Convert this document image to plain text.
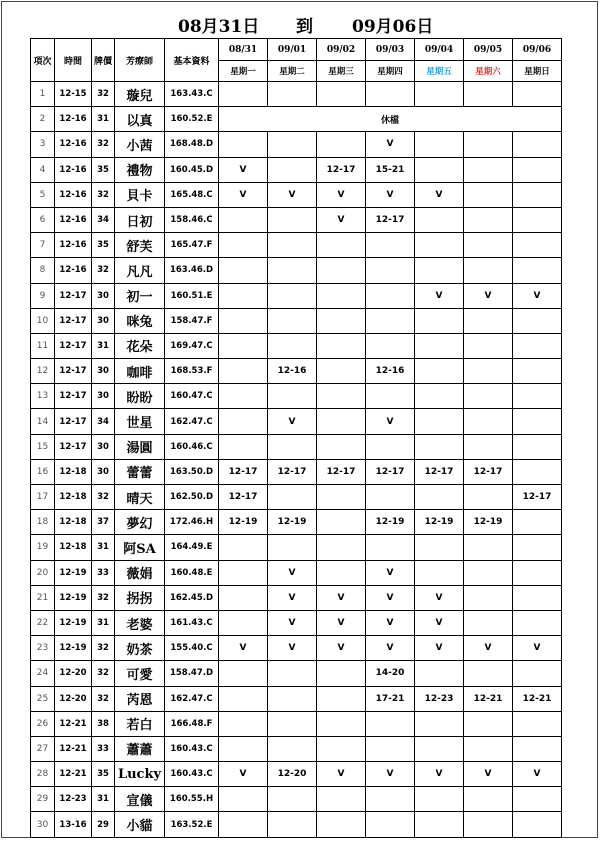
08月31日 到 09月06日
項次	時間	牌價	芳療師	基本資料	08/31	09/01	09/02	09/03	09/04	09/05	09/06
					星期一	星期二	星期三	星期四	星期五	星期六	星期日
1	12-15	32	璇兒	163.43.C							
2	12-16	31	以真	160.52.E	休檔						
3	12-16	32	小茜	168.48.D				V			
4	12-16	35	禮物	160.45.D	V		12-17	15-21			
5	12-16	32	貝卡	165.48.C	V	V	V	V	V		
6	12-16	34	日初	158.46.C			V	12-17			
7	12-16	35	舒芙	165.47.F							
8	12-16	32	凡凡	163.46.D							
9	12-17	30	初一	160.51.E					V	V	V
10	12-17	30	咪兔	158.47.F							
11	12-17	31	花朵	169.47.C							
12	12-17	30	咖啡	168.53.F		12-16		12-16			
13	12-17	30	盼盼	160.47.C							
14	12-17	34	世星	162.47.C		V		V			
15	12-17	30	湯圓	160.46.C							
16	12-18	30	蕾蕾	163.50.D	12-17	12-17	12-17	12-17	12-17	12-17	
17	12-18	32	晴天	162.50.D	12-17						12-17
18	12-18	37	夢幻	172.46.H	12-19	12-19		12-19	12-19	12-19	
19	12-18	31	阿SA	164.49.E							
20	12-19	33	薇娟	160.48.E		V		V			
21	12-19	32	拐拐	162.45.D		V	V	V	V		
22	12-19	31	老婆	161.43.C		V	V	V	V		
23	12-19	32	奶茶	155.40.C	V	V	V	V	V	V	V
24	12-20	32	可愛	158.47.D				14-20			
25	12-20	32	芮恩	162.47.C				17-21	12-23	12-21	12-21
26	12-21	38	若白	166.48.F							
27	12-21	33	蕭蕭	160.43.C							
28	12-21	35	Lucky	160.43.C	V	12-20	V	V	V	V	V
29	12-23	31	宣儀	160.55.H							
30	13-16	29	小貓	163.52.E							
